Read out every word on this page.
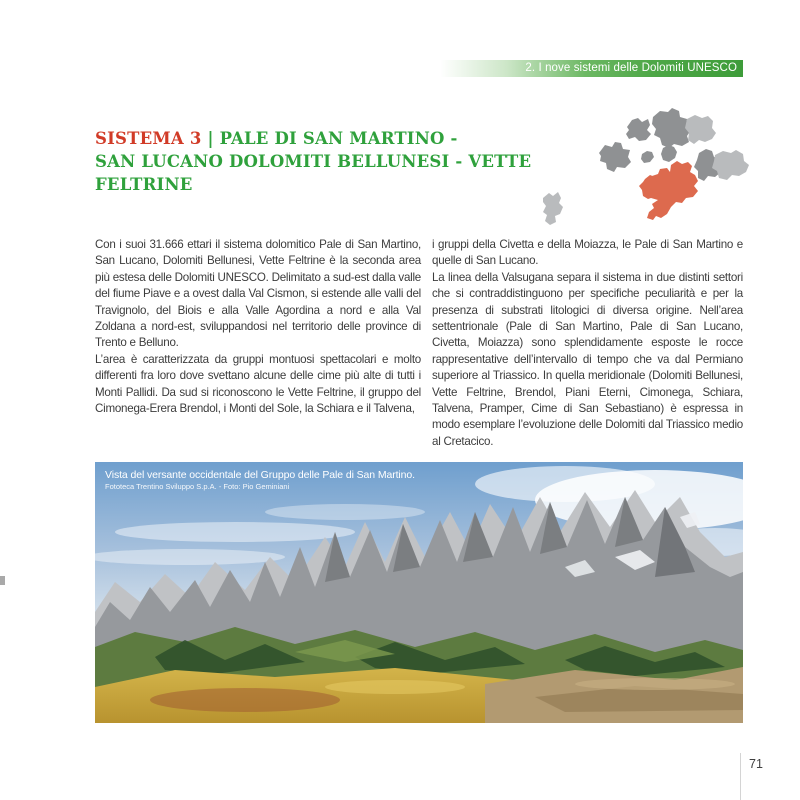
2. I nove sistemi delle Dolomiti UNESCO
SISTEMA 3 | PALE DI SAN MARTINO -
SAN LUCANO DOLOMITI BELLUNESI - VETTE FELTRINE

Con i suoi 31.666 ettari il sistema dolomitico Pale di San Martino, San Lucano, Dolomiti Bellunesi, Vette Feltrine è la seconda area più estesa delle Dolomiti UNESCO. Delimitato a sud-est dalla valle del fiume Piave e a ovest dalla Val Cismon, si estende alle valli del Travignolo, del Biois e alla Valle Agordina a nord e alla Val Zoldana a nord-est, sviluppandosi nel territorio delle province di Trento e Belluno.

L’area è caratterizzata da gruppi montuosi spettacolari e molto differenti fra loro dove svettano alcune delle cime più alte di tutti i Monti Pallidi. Da sud si riconoscono le Vette Feltrine, il gruppo del Cimonega-Erera Brendol, i Monti del Sole, la Schiara e il Talvena,

i gruppi della Civetta e della Moiazza, le Pale di San Martino e quelle di San Lucano.

La linea della Valsugana separa il sistema in due distinti settori che si contraddistinguono per specifiche peculiarità e per la presenza di substrati litologici di diversa origine. Nell’area settentrionale (Pale di San Martino, Pale di San Lucano, Civetta, Moiazza) sono splendidamente esposte le rocce rappresentative dell’intervallo di tempo che va dal Permiano superiore al Triassico. In quella meridionale (Dolomiti Bellunesi, Vette Feltrine, Brendol, Piani Eterni, Cimonega, Schiara, Talvena, Pramper, Cime di San Sebastiano) è espressa in modo esemplare l’evoluzione delle Dolomiti dal Triassico medio al Cretacico.

Vista del versante occidentale del Gruppo delle Pale di San Martino.
Fototeca Trentino Sviluppo S.p.A. - Foto: Pio Geminiani
71
